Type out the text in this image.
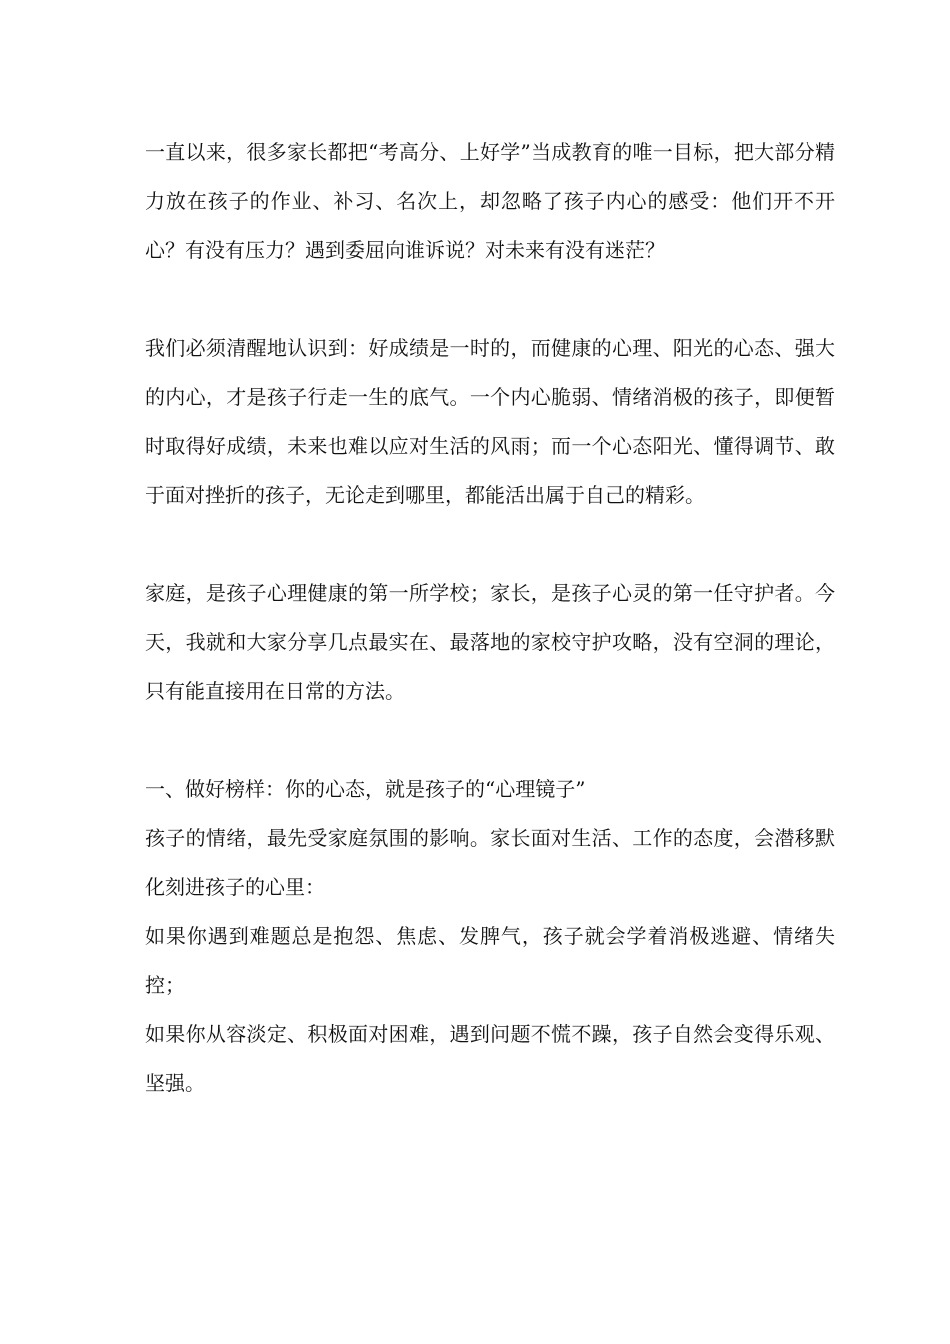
一直以来，很多家长都把“考高分、上好学”当成教育的唯一目标，把大部分精力放在孩子的作业、补习、名次上，却忽略了孩子内心的感受：他们开不开心？有没有压力？遇到委屈向谁诉说？对未来有没有迷茫？

我们必须清醒地认识到：好成绩是一时的，而健康的心理、阳光的心态、强大的内心，才是孩子行走一生的底气。一个内心脆弱、情绪消极的孩子，即便暂时取得好成绩，未来也难以应对生活的风雨；而一个心态阳光、懂得调节、敢于面对挫折的孩子，无论走到哪里，都能活出属于自己的精彩。

家庭，是孩子心理健康的第一所学校；家长，是孩子心灵的第一任守护者。今天，我就和大家分享几点最实在、最落地的家校守护攻略，没有空洞的理论，只有能直接用在日常的方法。

一、做好榜样：你的心态，就是孩子的“心理镜子”

孩子的情绪，最先受家庭氛围的影响。家长面对生活、工作的态度，会潜移默化刻进孩子的心里：

如果你遇到难题总是抱怨、焦虑、发脾气，孩子就会学着消极逃避、情绪失控；

如果你从容淡定、积极面对困难，遇到问题不慌不躁，孩子自然会变得乐观、坚强。
